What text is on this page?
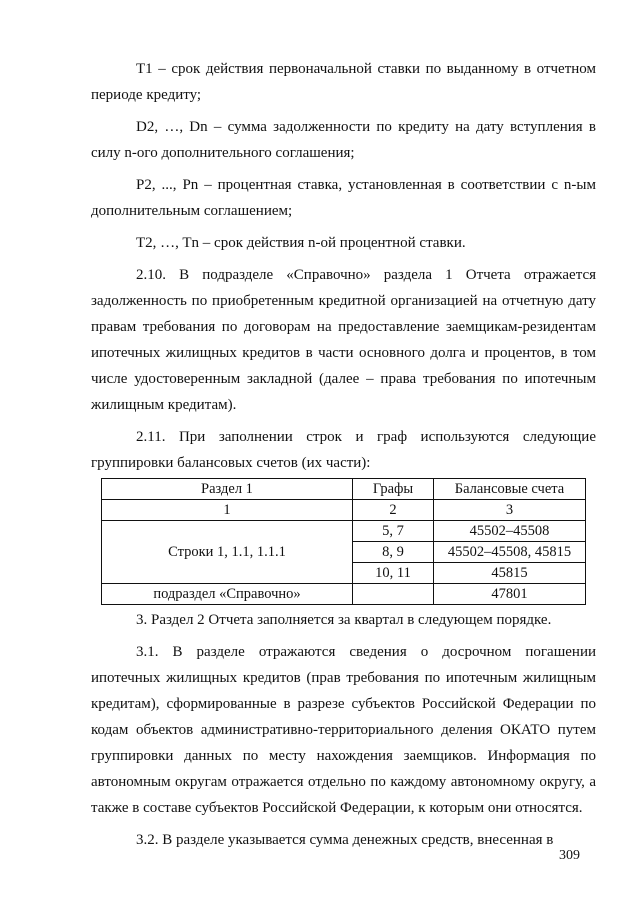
Т1 – срок действия первоначальной ставки по выданному в отчетном периоде кредиту;

D2, …, Dn – сумма задолженности по кредиту на дату вступления в силу n-ого дополнительного соглашения;

P2, ..., Pn – процентная ставка, установленная в соответствии с n-ым дополнительным соглашением;

T2, …, Tn – срок действия n-ой процентной ставки.

2.10. В подразделе «Справочно» раздела 1 Отчета отражается задолженность по приобретенным кредитной организацией на отчетную дату правам требования по договорам на предоставление заемщикам-резидентам ипотечных жилищных кредитов в части основного долга и процентов, в том числе удостоверенным закладной (далее – права требования по ипотечным жилищным кредитам).

2.11. При заполнении строк и граф используются следующие группировки балансовых счетов (их части):

Раздел 1	Графы	Балансовые счета
1	2	3
Строки 1, 1.1, 1.1.1	5, 7	45502–45508
	8, 9	45502–45508, 45815
	10, 11	45815
подраздел «Справочно»		47801

3. Раздел 2 Отчета заполняется за квартал в следующем порядке.

3.1. В разделе отражаются сведения о досрочном погашении ипотечных жилищных кредитов (прав требования по ипотечным жилищным кредитам), сформированные в разрезе субъектов Российской Федерации по кодам объектов административно-территориального деления ОКАТО путем группировки данных по месту нахождения заемщиков. Информация по автономным округам отражается отдельно по каждому автономному округу, а также в составе субъектов Российской Федерации, к которым они относятся.

3.2. В разделе указывается сумма денежных средств, внесенная в

309
